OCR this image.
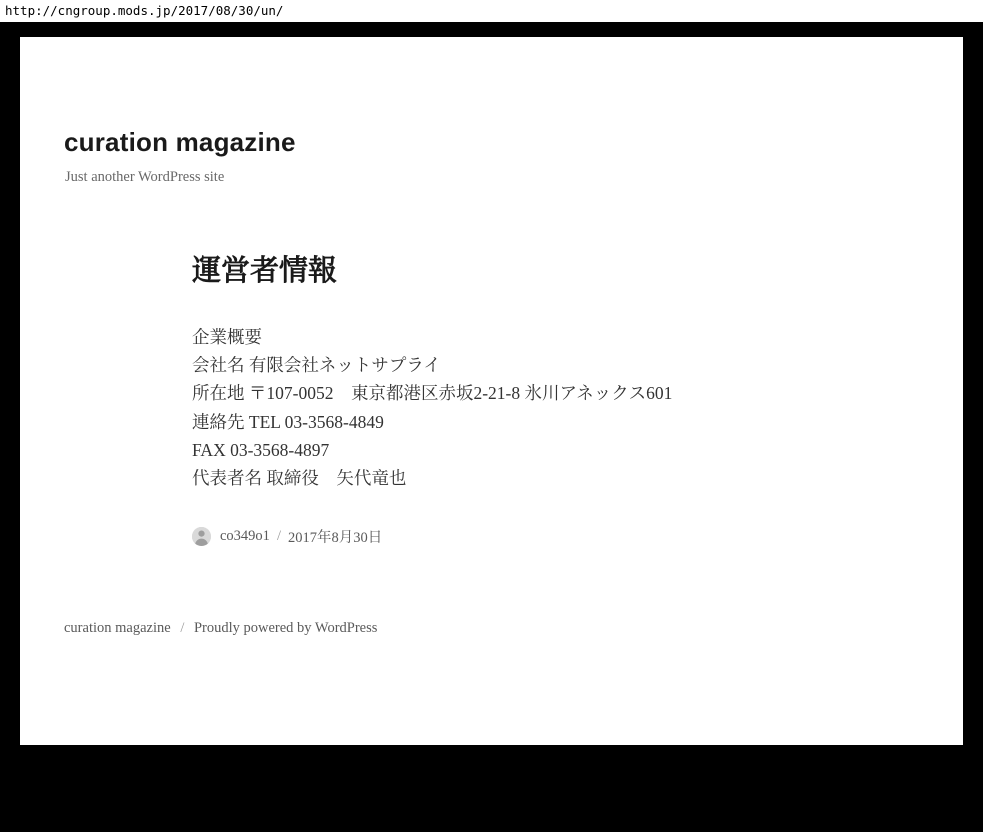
http://cngroup.mods.jp/2017/08/30/un/
curation magazine

Just another WordPress site

運営者情報

企業概要

会社名 有限会社ネットサプライ

所在地 〒107-0052　東京都港区赤坂2-21-8 氷川アネックス601

連絡先 TEL 03-3568-4849

FAX 03-3568-4897

代表者名 取締役　矢代竜也

co349o1 / 2017年8月30日
curation magazine / Proudly powered by WordPress
